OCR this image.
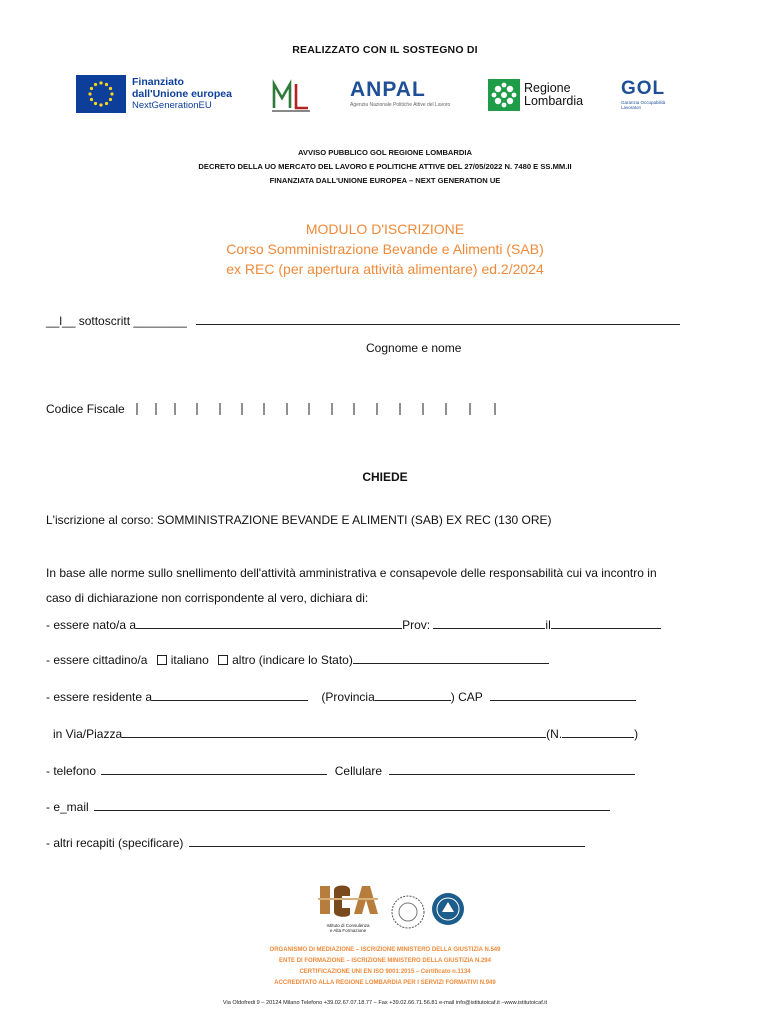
REALIZZATO CON IL SOSTEGNO DI
Finanziato
dall'Unione europea
NextGenerationEU
ANPAL
Agenzia Nazionale Politiche Attive del Lavoro
Regione
Lombardia
GOL
Garanzia Occupabilità Lavoratori
AVVISO PUBBLICO GOL REGIONE LOMBARDIA
DECRETO DELLA UO MERCATO DEL LAVORO E POLITICHE ATTIVE DEL 27/05/2022 N. 7480 E SS.MM.II
FINANZIATA DALL'UNIONE EUROPEA – NEXT GENERATION UE
MODULO D'ISCRIZIONE
Corso Somministrazione Bevande e Alimenti (SAB)
ex REC (per apertura attività alimentare) ed.2/2024
__l__ sottoscritt ________
Cognome e nome
Codice Fiscale
CHIEDE
L'iscrizione al corso: SOMMINISTRAZIONE BEVANDE E ALIMENTI (SAB) EX REC (130 ORE)
In base alle norme sullo snellimento dell'attività amministrativa e consapevole delle responsabilità cui va incontro in
caso di dichiarazione non corrispondente al vero, dichiara di:
- essere nato/a a	Prov:	il
- essere cittadino/a italiano altro (indicare lo Stato)
- essere residente a	(Provincia	) CAP
in Via/Piazza	(N.	)
- telefono	Cellulare
- e_mail
- altri recapiti (specificare)
Istituto di Consulenza
e Alta Formazione
ORGANISMO DI MEDIAZIONE – ISCRIZIONE MINISTERO DELLA GIUSTIZIA N.549
ENTE DI FORMAZIONE – ISCRIZIONE MINISTERO DELLA GIUSTIZIA N.294
CERTIFICAZIONE UNI EN ISO 9001:2015 – Certificato n.1134
ACCREDITATO ALLA REGIONE LOMBARDIA PER I SERVIZI FORMATIVI N.949
Via Oldofredi 9 – 20124 Milano Telefono +39.02.67.07.18.77 – Fax +39.02.66.71.56.81 e-mail info@istitutoicaf.it –www.istitutoicaf.it
